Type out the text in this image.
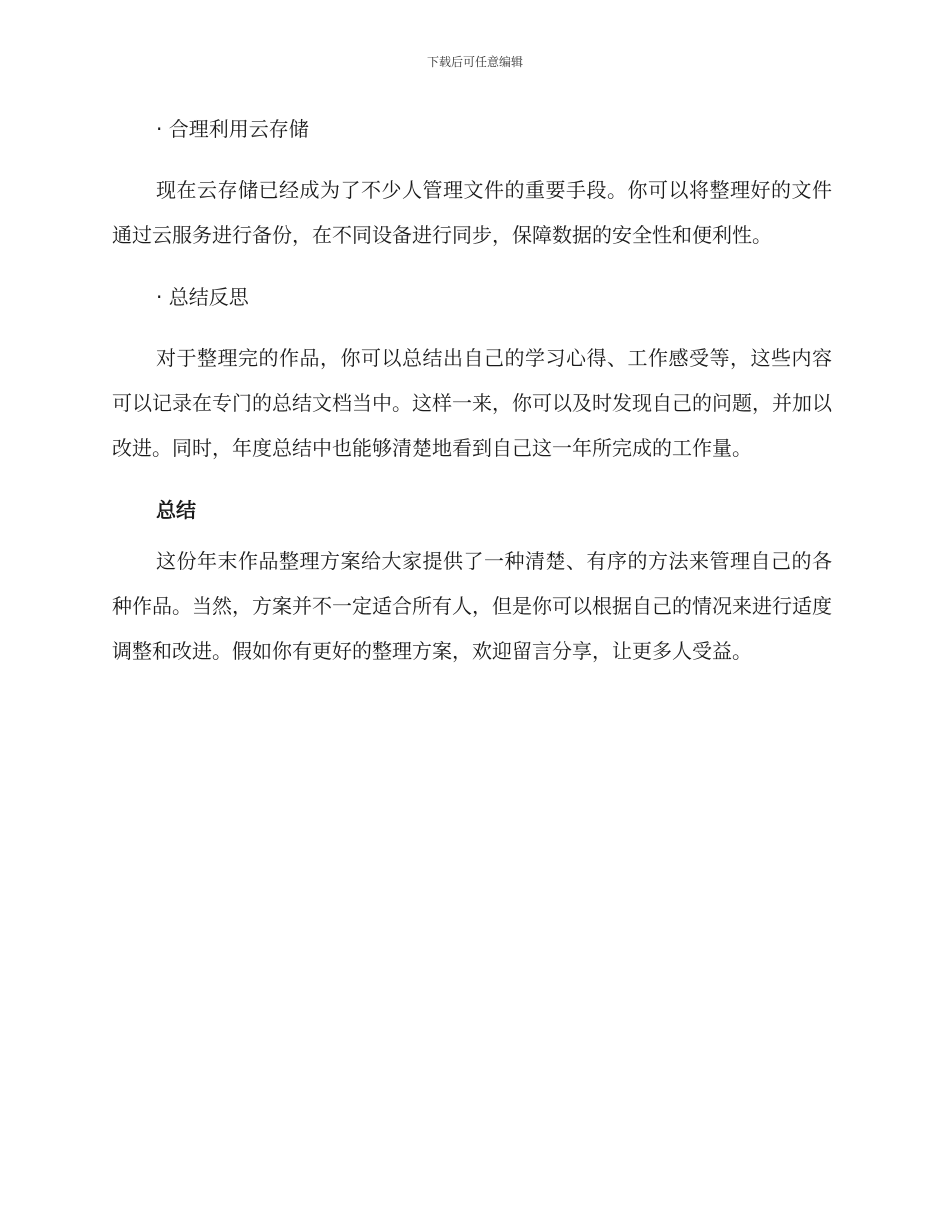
下载后可任意编辑
· 合理利用云存储

现在云存储已经成为了不少人管理文件的重要手段。你可以将整理好的文件通过云服务进行备份，在不同设备进行同步，保障数据的安全性和便利性。

· 总结反思

对于整理完的作品，你可以总结出自己的学习心得、工作感受等，这些内容可以记录在专门的总结文档当中。这样一来，你可以及时发现自己的问题，并加以改进。同时，年度总结中也能够清楚地看到自己这一年所完成的工作量。

总结

这份年末作品整理方案给大家提供了一种清楚、有序的方法来管理自己的各种作品。当然，方案并不一定适合所有人，但是你可以根据自己的情况来进行适度调整和改进。假如你有更好的整理方案，欢迎留言分享，让更多人受益。
